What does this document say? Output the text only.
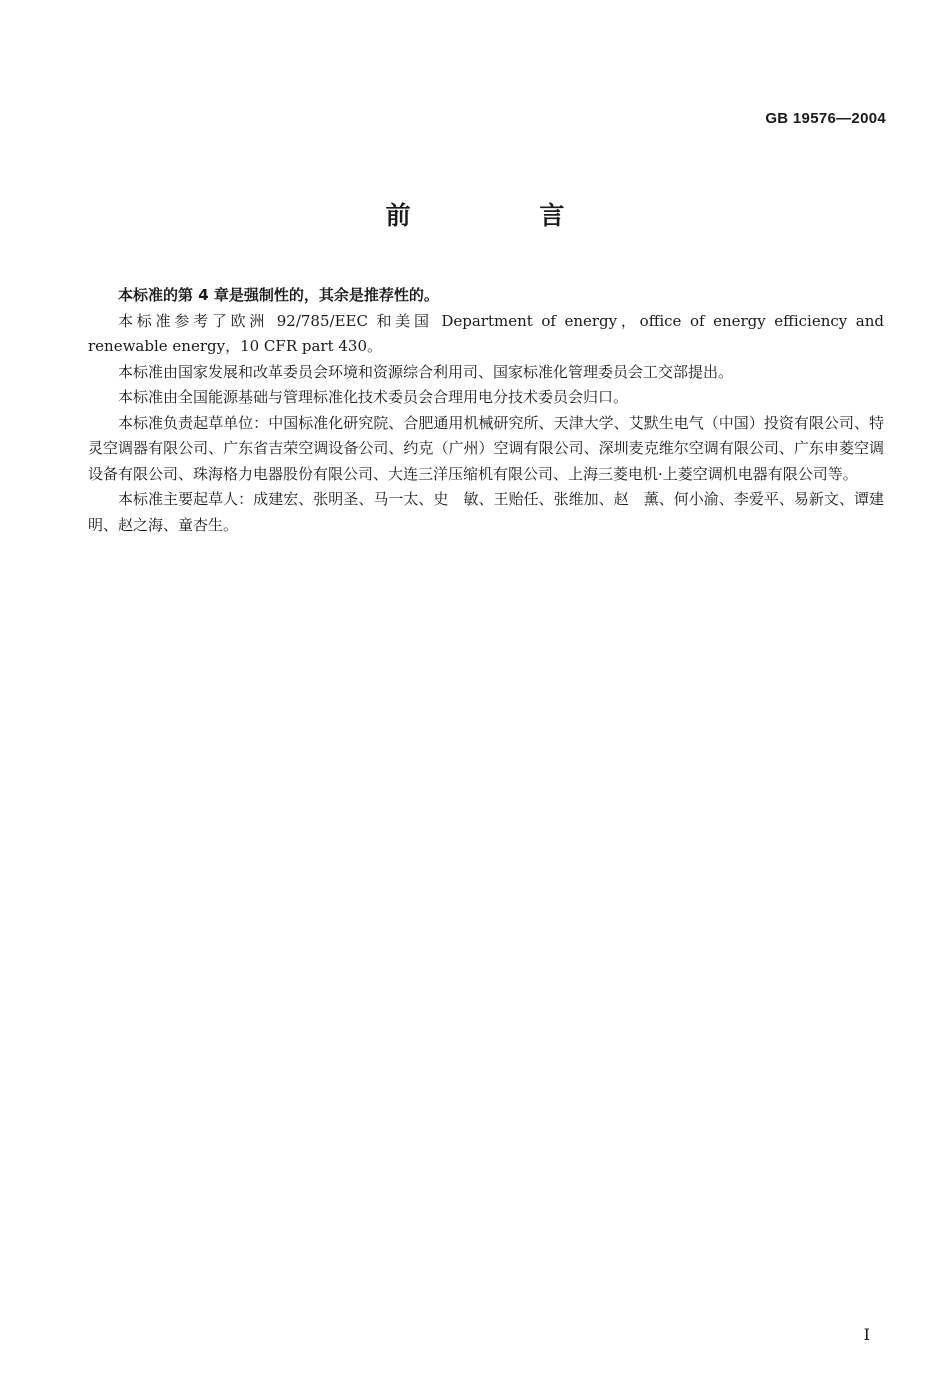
GB 19576—2004
前 言

本标准的第 4 章是强制性的，其余是推荐性的。

本标准参考了欧洲 92/785/EEC 和美国 Department of energy，office of energy efficiency and renewable energy，10 CFR part 430。

本标准由国家发展和改革委员会环境和资源综合利用司、国家标准化管理委员会工交部提出。

本标准由全国能源基础与管理标准化技术委员会合理用电分技术委员会归口。

本标准负责起草单位：中国标准化研究院、合肥通用机械研究所、天津大学、艾默生电气（中国）投资有限公司、特灵空调器有限公司、广东省吉荣空调设备公司、约克（广州）空调有限公司、深圳麦克维尔空调有限公司、广东申菱空调设备有限公司、珠海格力电器股份有限公司、大连三洋压缩机有限公司、上海三菱电机·上菱空调机电器有限公司等。

本标准主要起草人：成建宏、张明圣、马一太、史　敏、王贻任、张维加、赵　薰、何小渝、李爱平、易新文、谭建明、赵之海、童杏生。

I
